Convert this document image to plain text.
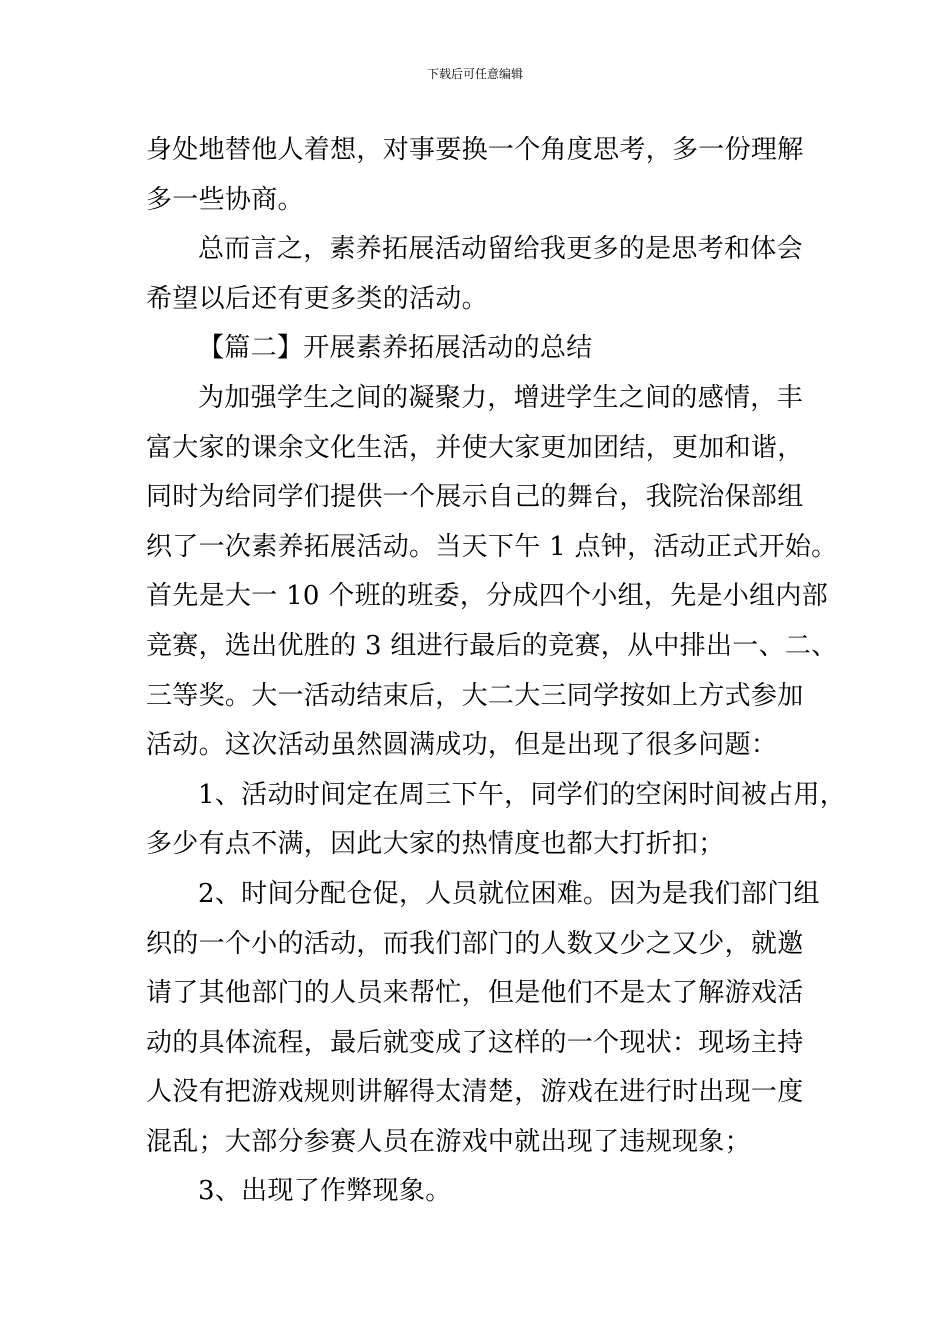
下载后可任意编辑
身处地替他人着想，对事要换一个角度思考，多一份理解
多一些协商。
总而言之，素养拓展活动留给我更多的是思考和体会
希望以后还有更多类的活动。
【篇二】开展素养拓展活动的总结
为加强学生之间的凝聚力，增进学生之间的感情，丰
富大家的课余文化生活，并使大家更加团结，更加和谐，
同时为给同学们提供一个展示自己的舞台，我院治保部组
织了一次素养拓展活动。当天下午 1 点钟，活动正式开始。
首先是大一 10 个班的班委，分成四个小组，先是小组内部
竞赛，选出优胜的 3 组进行最后的竞赛，从中排出一、二、
三等奖。大一活动结束后，大二大三同学按如上方式参加
活动。这次活动虽然圆满成功，但是出现了很多问题：
1、活动时间定在周三下午，同学们的空闲时间被占用，
多少有点不满，因此大家的热情度也都大打折扣；
2、时间分配仓促，人员就位困难。因为是我们部门组
织的一个小的活动，而我们部门的人数又少之又少，就邀
请了其他部门的人员来帮忙，但是他们不是太了解游戏活
动的具体流程，最后就变成了这样的一个现状：现场主持
人没有把游戏规则讲解得太清楚，游戏在进行时出现一度
混乱；大部分参赛人员在游戏中就出现了违规现象；
3、出现了作弊现象。
